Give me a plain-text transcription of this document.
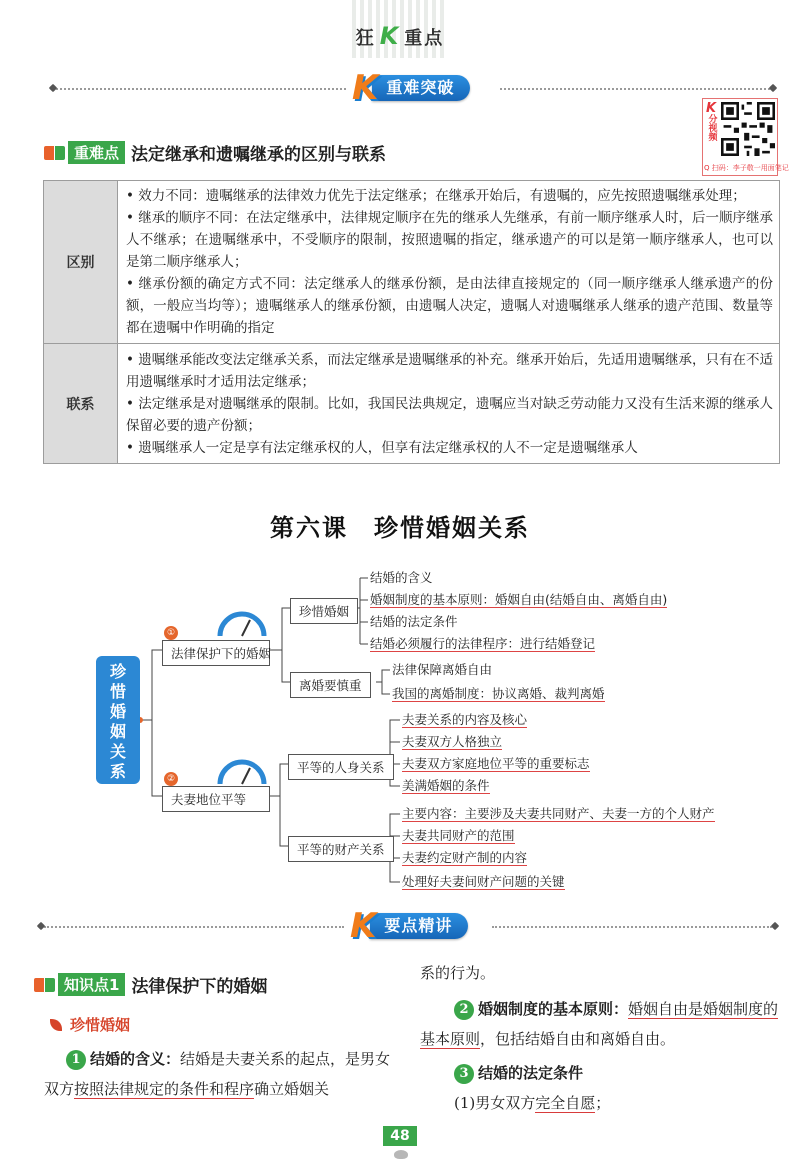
狂 K 重点
K 重难突破
K
分视频
Q 扫码：李子敬一用面笔记
重难点 法定继承和遗嘱继承的区别与联系
区别	• 效力不同：遗嘱继承的法律效力优先于法定继承；在继承开始后，有遗嘱的，应先按照遗嘱继承处理；
• 继承的顺序不同：在法定继承中，法律规定顺序在先的继承人先继承，有前一顺序继承人时，后一顺序继承人不继承；在遗嘱继承中，不受顺序的限制，按照遗嘱的指定，继承遗产的可以是第一顺序继承人，也可以是第二顺序继承人；
• 继承份额的确定方式不同：法定继承人的继承份额，是由法律直接规定的（同一顺序继承人继承遗产的份额，一般应当均等）；遗嘱继承人的继承份额，由遗嘱人决定，遗嘱人对遗嘱继承人继承的遗产范围、数量等都在遗嘱中作明确的指定

联系	• 遗嘱继承能改变法定继承关系，而法定继承是遗嘱继承的补充。继承开始后，先适用遗嘱继承，只有在不适用遗嘱继承时才适用法定继承；
• 法定继承是对遗嘱继承的限制。比如，我国民法典规定，遗嘱应当对缺乏劳动能力又没有生活来源的继承人保留必要的遗产份额；
• 遗嘱继承人一定是享有法定继承权的人，但享有法定继承权的人不一定是遗嘱继承人
第六课　珍惜婚姻关系
珍
惜
婚
姻
关
系
①
法律保护下的婚姻
②
夫妻地位平等
珍惜婚姻
结婚的含义
婚姻制度的基本原则：婚姻自由(结婚自由、离婚自由)
结婚的法定条件
结婚必须履行的法律程序：进行结婚登记
离婚要慎重
法律保障离婚自由
我国的离婚制度：协议离婚、裁判离婚
平等的人身关系
夫妻关系的内容及核心
夫妻双方人格独立
夫妻双方家庭地位平等的重要标志
美满婚姻的条件
平等的财产关系
主要内容：主要涉及夫妻共同财产、夫妻一方的个人财产
夫妻共同财产的范围
夫妻约定财产制的内容
处理好夫妻间财产问题的关键
K 要点精讲
知识点1 法律保护下的婚姻
珍惜婚姻
1 结婚的含义：结婚是夫妻关系的起点，是男女双方按照法律规定的条件和程序确立婚姻关
系的行为。
2 婚姻制度的基本原则：婚姻自由是婚姻制度的基本原则，包括结婚自由和离婚自由。
3 结婚的法定条件
(1)男女双方完全自愿；
48
